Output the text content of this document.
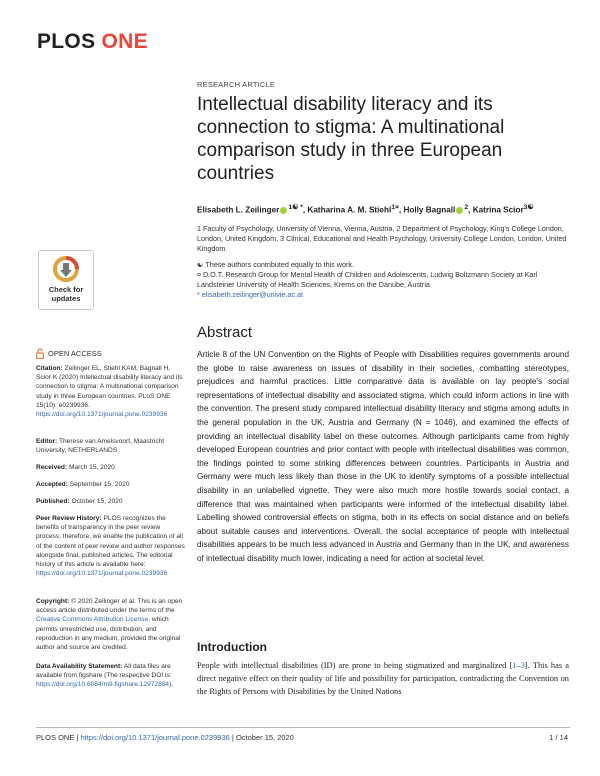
PLOS ONE
RESEARCH ARTICLE
Intellectual disability literacy and its connection to stigma: A multinational comparison study in three European countries
Elisabeth L. Zeilinger $^{1☯ *}$, Katharina A. M. Stiehl$^{1¤}$, Holly Bagnall $^2$, Katrina Scior$^{3☯}$
1 Faculty of Psychology, University of Vienna, Vienna, Austria, 2 Department of Psychology, King's College London, London, United Kingdom, 3 Clinical, Educational and Health Psychology, University College London, London, United Kingdom
☯ These authors contributed equally to this work.
¤ D.O.T. Research Group for Mental Health of Children and Adolescents, Ludwig Boltzmann Society at Karl Landsteiner University of Health Sciences, Krems on the Danube, Austria
* elisabeth.zeilinger@univie.ac.at
Check for
updates
OPEN ACCESS
Citation: Zeilinger EL, Stiehl KAM, Bagnall H, Scior K (2020) Intellectual disability literacy and its connection to stigma: A multinational comparison study in three European countries. PLoS ONE 15(10): e0239936. https://doi.org/10.1371/journal.pone.0239936
Editor: Therese van Amelsvoort, Maastricht University, NETHERLANDS
Received: March 15, 2020
Accepted: September 15, 2020
Published: October 15, 2020
Peer Review History: PLOS recognizes the benefits of transparency in the peer review process; therefore, we enable the publication of all of the content of peer review and author responses alongside final, published articles. The editorial history of this article is available here: https://doi.org/10.1371/journal.pone.0239936
Copyright: © 2020 Zeilinger et al. This is an open access article distributed under the terms of the Creative Commons Attribution License, which permits unrestricted use, distribution, and reproduction in any medium, provided the original author and source are credited.
Data Availability Statement: All data files are available from figshare (The respective DOI is: https://doi.org/10.6084/m9.figshare.12972884).
Abstract
Article 8 of the UN Convention on the Rights of People with Disabilities requires governments around the globe to raise awareness on issues of disability in their societies, combatting stereotypes, prejudices and harmful practices. Little comparative data is available on lay people's social representations of intellectual disability and associated stigma, which could inform actions in line with the convention. The present study compared intellectual disability literacy and stigma among adults in the general population in the UK, Austria and Germany (N = 1046), and examined the effects of providing an intellectual disability label on these outcomes. Although participants came from highly developed European countries and prior contact with people with intellectual disabilities was common, the findings pointed to some striking differences between countries. Participants in Austria and Germany were much less likely than those in the UK to identify symptoms of a possible intellectual disability in an unlabelled vignette. They were also much more hostile towards social contact, a difference that was maintained when participants were informed of the intellectual disability label. Labelling showed controversial effects on stigma, both in its effects on social distance and on beliefs about suitable causes and interventions. Overall, the social acceptance of people with intellectual disabilities appears to be much less advanced in Austria and Germany than in the UK, and awareness of intellectual disability much lower, indicating a need for action at societal level.
Introduction
People with intellectual disabilities (ID) are prone to being stigmatized and marginalized [1–3]. This has a direct negative effect on their quality of life and possibility for participation, contradicting the Convention on the Rights of Persons with Disabilities by the United Nations
PLOS ONE | https://doi.org/10.1371/journal.pone.0239936 | October 15, 2020	1 / 14
